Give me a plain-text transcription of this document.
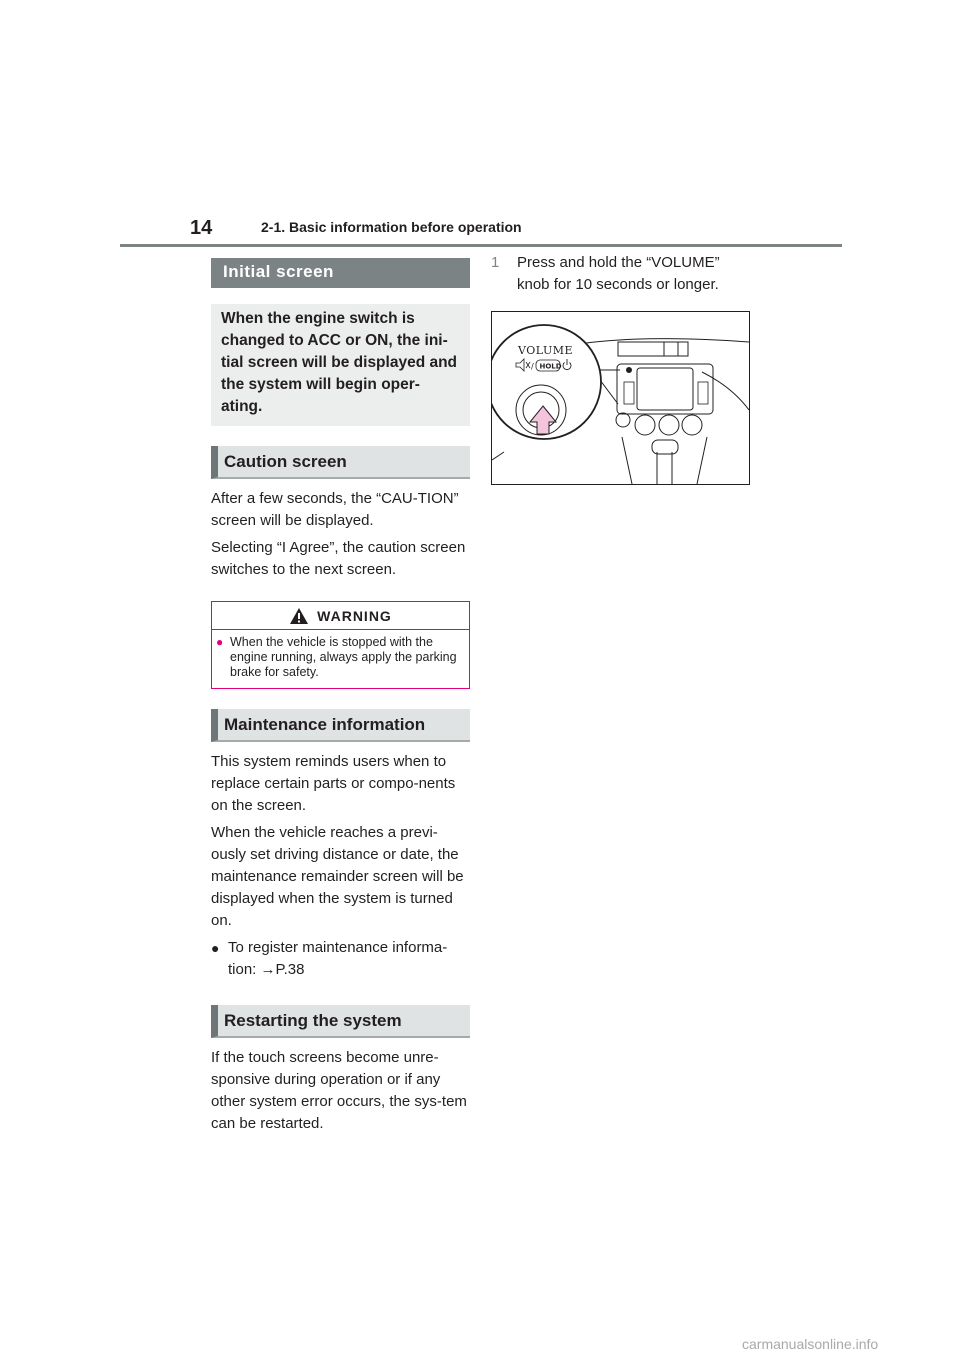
14	2-1. Basic information before operation
Initial screen
When the engine switch is changed to ACC or ON, the ini-tial screen will be displayed and the system will begin oper-ating.
Caution screen

After a few seconds, the “CAU-TION” screen will be displayed.

Selecting “I Agree”, the caution screen switches to the next screen.

WARNING
● When the vehicle is stopped with the engine running, always apply the parking brake for safety.
Maintenance information

This system reminds users when to replace certain parts or compo-nents on the screen.

When the vehicle reaches a previ-ously set driving distance or date, the maintenance remainder screen will be displayed when the system is turned on.

● To register maintenance informa-tion: →P.38
Restarting the system

If the touch screens become unre-sponsive during operation or if any other system error occurs, the sys-tem can be restarted.

1	Press and hold the “VOLUME” knob for 10 seconds or longer.
VOLUME
/ HOLD
carmanualsonline.info
